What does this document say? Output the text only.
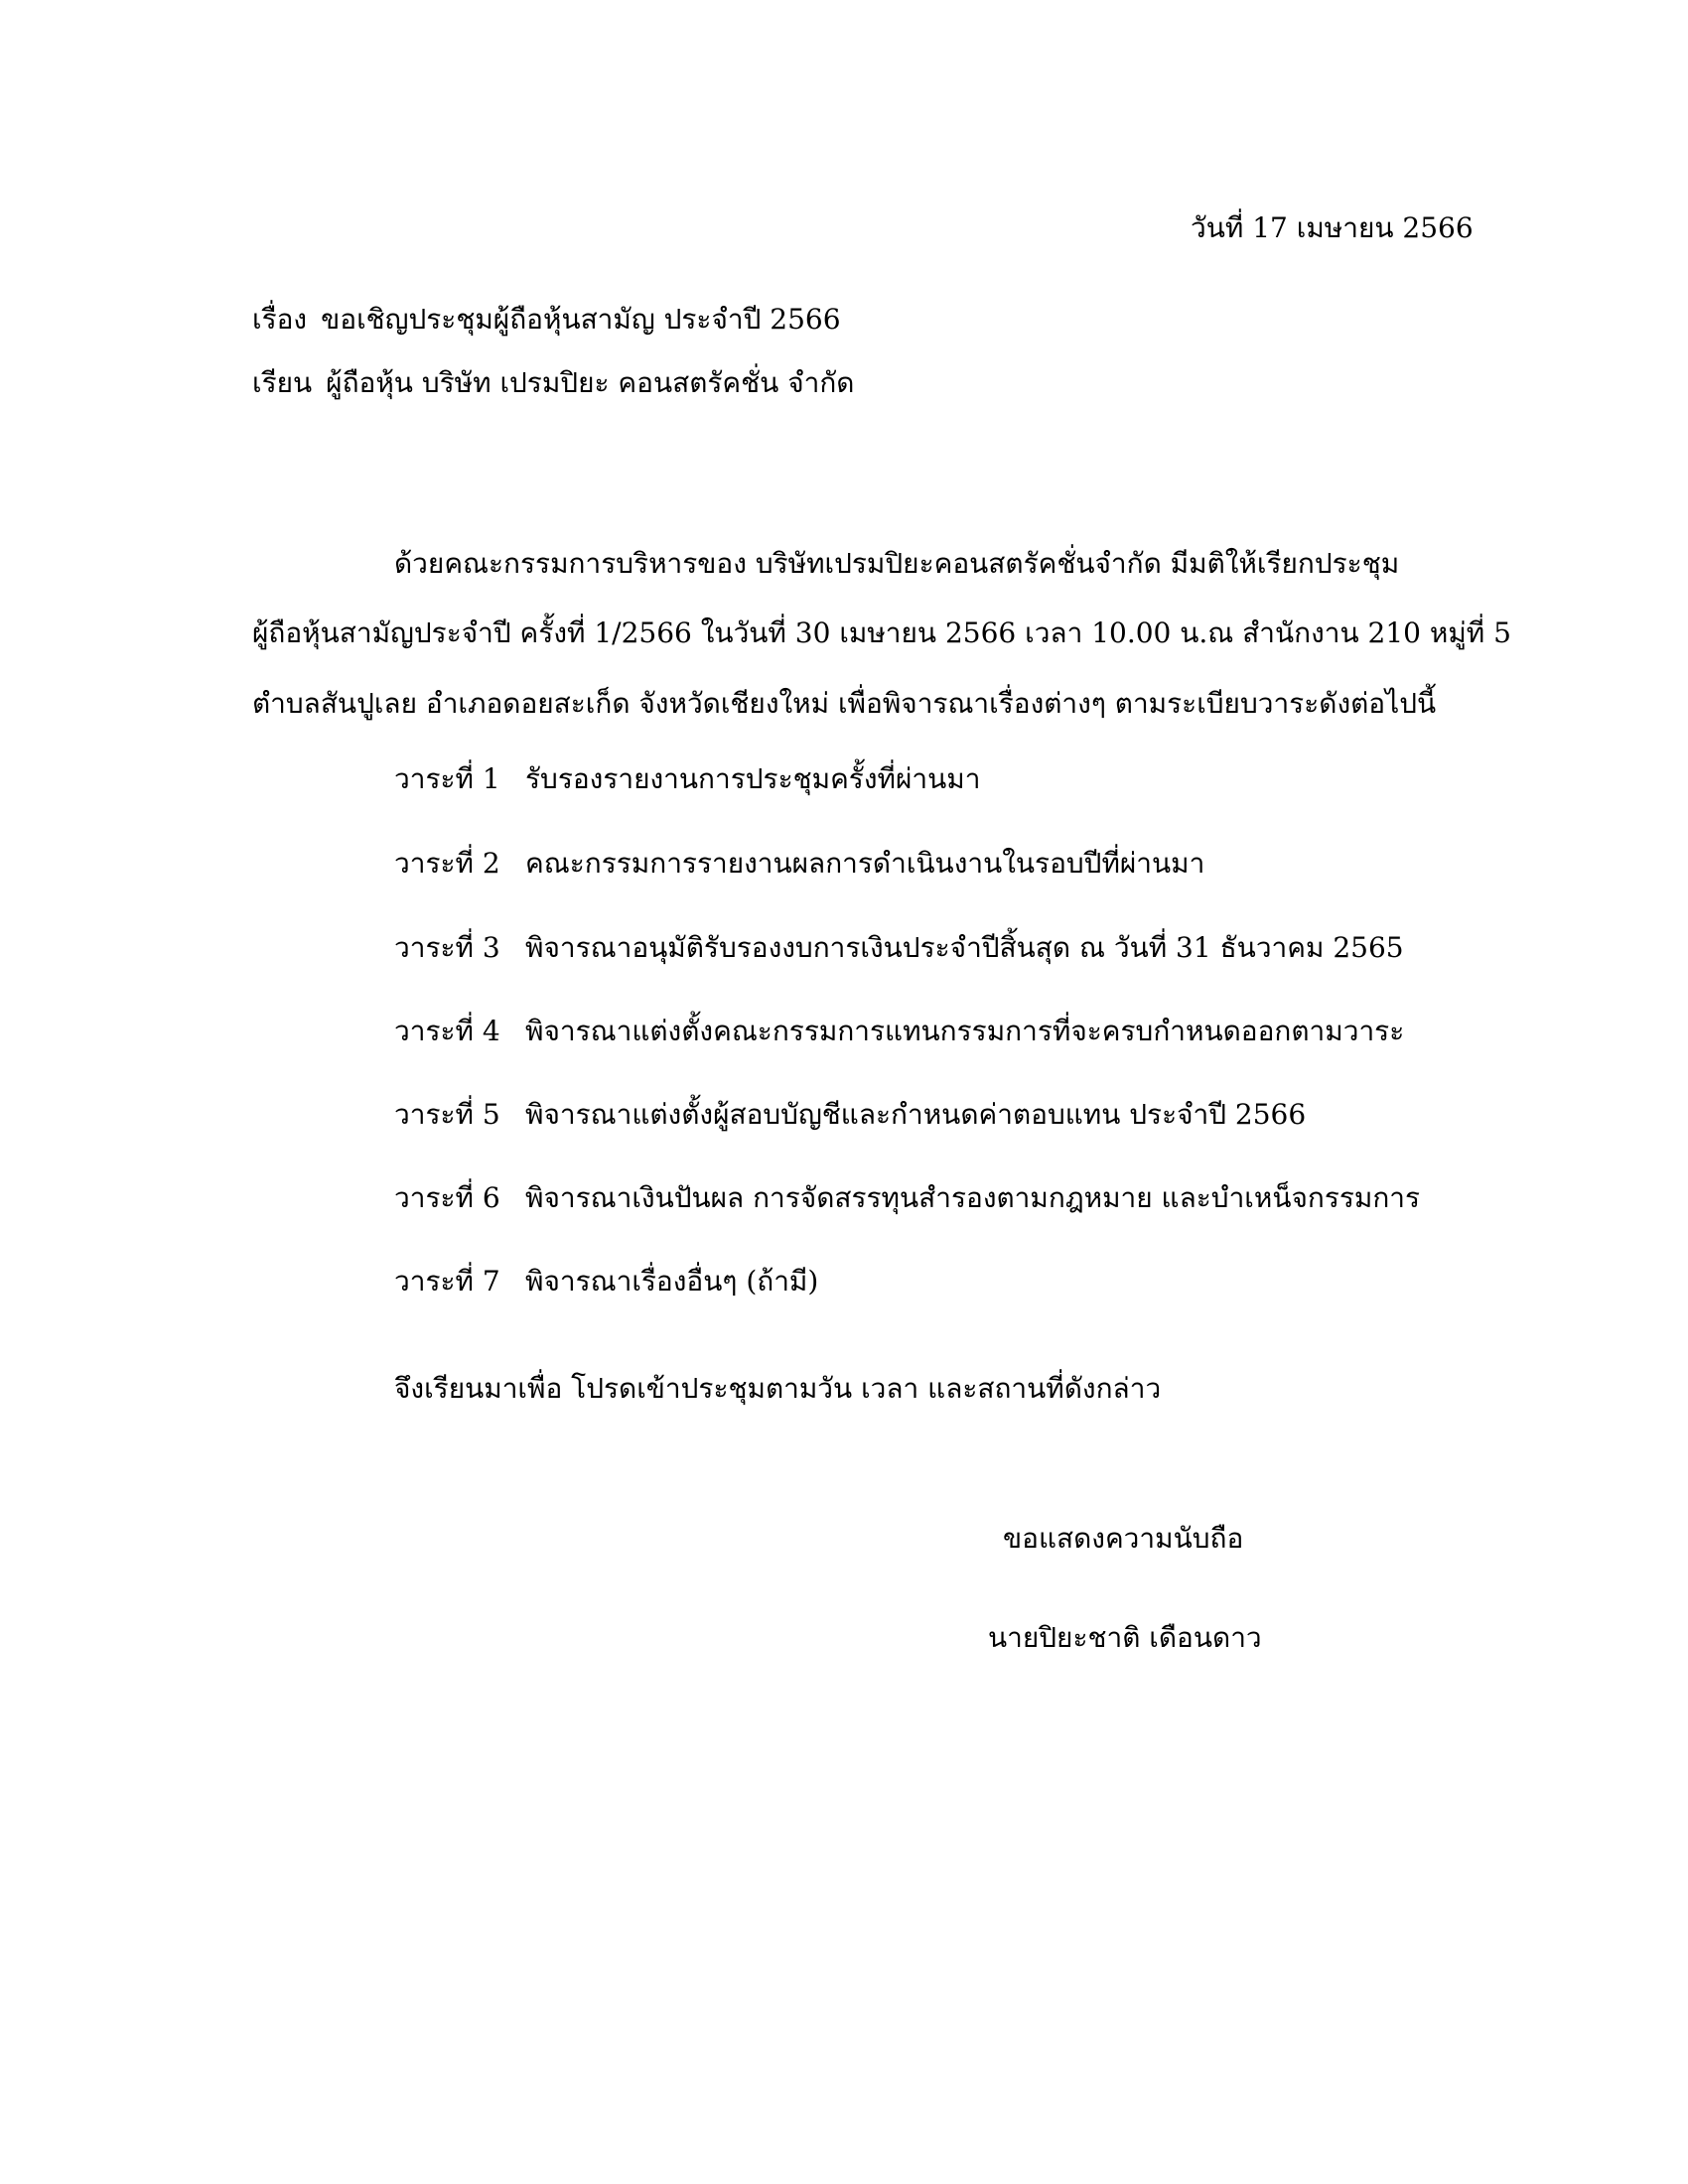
วันที่ 17 เมษายน 2566
เรื่อง ขอเชิญประชุมผู้ถือหุ้นสามัญ ประจำปี 2566
เรียน ผู้ถือหุ้น บริษัท เปรมปิยะ คอนสตรัคชั่น จำกัด
ด้วยคณะกรรมการบริหารของ บริษัทเปรมปิยะคอนสตรัคชั่นจำกัด มีมติให้เรียกประชุม
ผู้ถือหุ้นสามัญประจำปี ครั้งที่ 1/2566 ในวันที่ 30 เมษายน 2566 เวลา 10.00 น.ณ สำนักงาน 210 หมู่ที่ 5
ตำบลสันปูเลย อำเภอดอยสะเก็ด จังหวัดเชียงใหม่ เพื่อพิจารณาเรื่องต่างๆ ตามระเบียบวาระดังต่อไปนี้
วาระที่ 1 รับรองรายงานการประชุมครั้งที่ผ่านมา
วาระที่ 2 คณะกรรมการรายงานผลการดำเนินงานในรอบปีที่ผ่านมา
วาระที่ 3 พิจารณาอนุมัติรับรองงบการเงินประจำปีสิ้นสุด ณ วันที่ 31 ธันวาคม 2565
วาระที่ 4 พิจารณาแต่งตั้งคณะกรรมการแทนกรรมการที่จะครบกำหนดออกตามวาระ
วาระที่ 5 พิจารณาแต่งตั้งผู้สอบบัญชีและกำหนดค่าตอบแทน ประจำปี 2566
วาระที่ 6 พิจารณาเงินปันผล การจัดสรรทุนสำรองตามกฎหมาย และบำเหน็จกรรมการ
วาระที่ 7 พิจารณาเรื่องอื่นๆ (ถ้ามี)
จึงเรียนมาเพื่อ โปรดเข้าประชุมตามวัน เวลา และสถานที่ดังกล่าว
ขอแสดงความนับถือ
นายปิยะชาติ เดือนดาว
